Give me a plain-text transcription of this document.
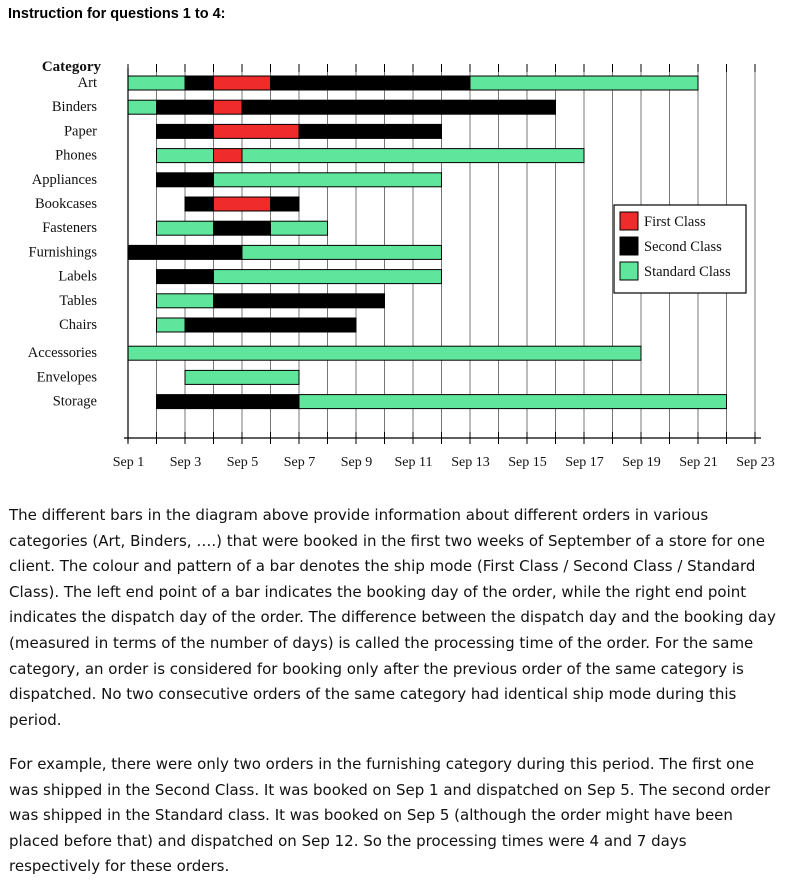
Instruction for questions 1 to 4:
Category
Art
Binders
Paper
Phones
Appliances
Bookcases
Fasteners
Furnishings
Labels
Tables
Chairs
Accessories
Envelopes
Storage
Sep 1 Sep 3 Sep 5 Sep 7 Sep 9 Sep 11 Sep 13 Sep 15 Sep 17 Sep 19 Sep 21 Sep 23
First Class
Second Class
Standard Class

The different bars in the diagram above provide information about different orders in various categories (Art, Binders, ….) that were booked in the first two weeks of September of a store for one client. The colour and pattern of a bar denotes the ship mode (First Class / Second Class / Standard Class). The left end point of a bar indicates the booking day of the order, while the right end point indicates the dispatch day of the order. The difference between the dispatch day and the booking day (measured in terms of the number of days) is called the processing time of the order. For the same category, an order is considered for booking only after the previous order of the same category is dispatched. No two consecutive orders of the same category had identical ship mode during this period.

For example, there were only two orders in the furnishing category during this period. The first one was shipped in the Second Class. It was booked on Sep 1 and dispatched on Sep 5. The second order was shipped in the Standard class. It was booked on Sep 5 (although the order might have been placed before that) and dispatched on Sep 12. So the processing times were 4 and 7 days respectively for these orders.
